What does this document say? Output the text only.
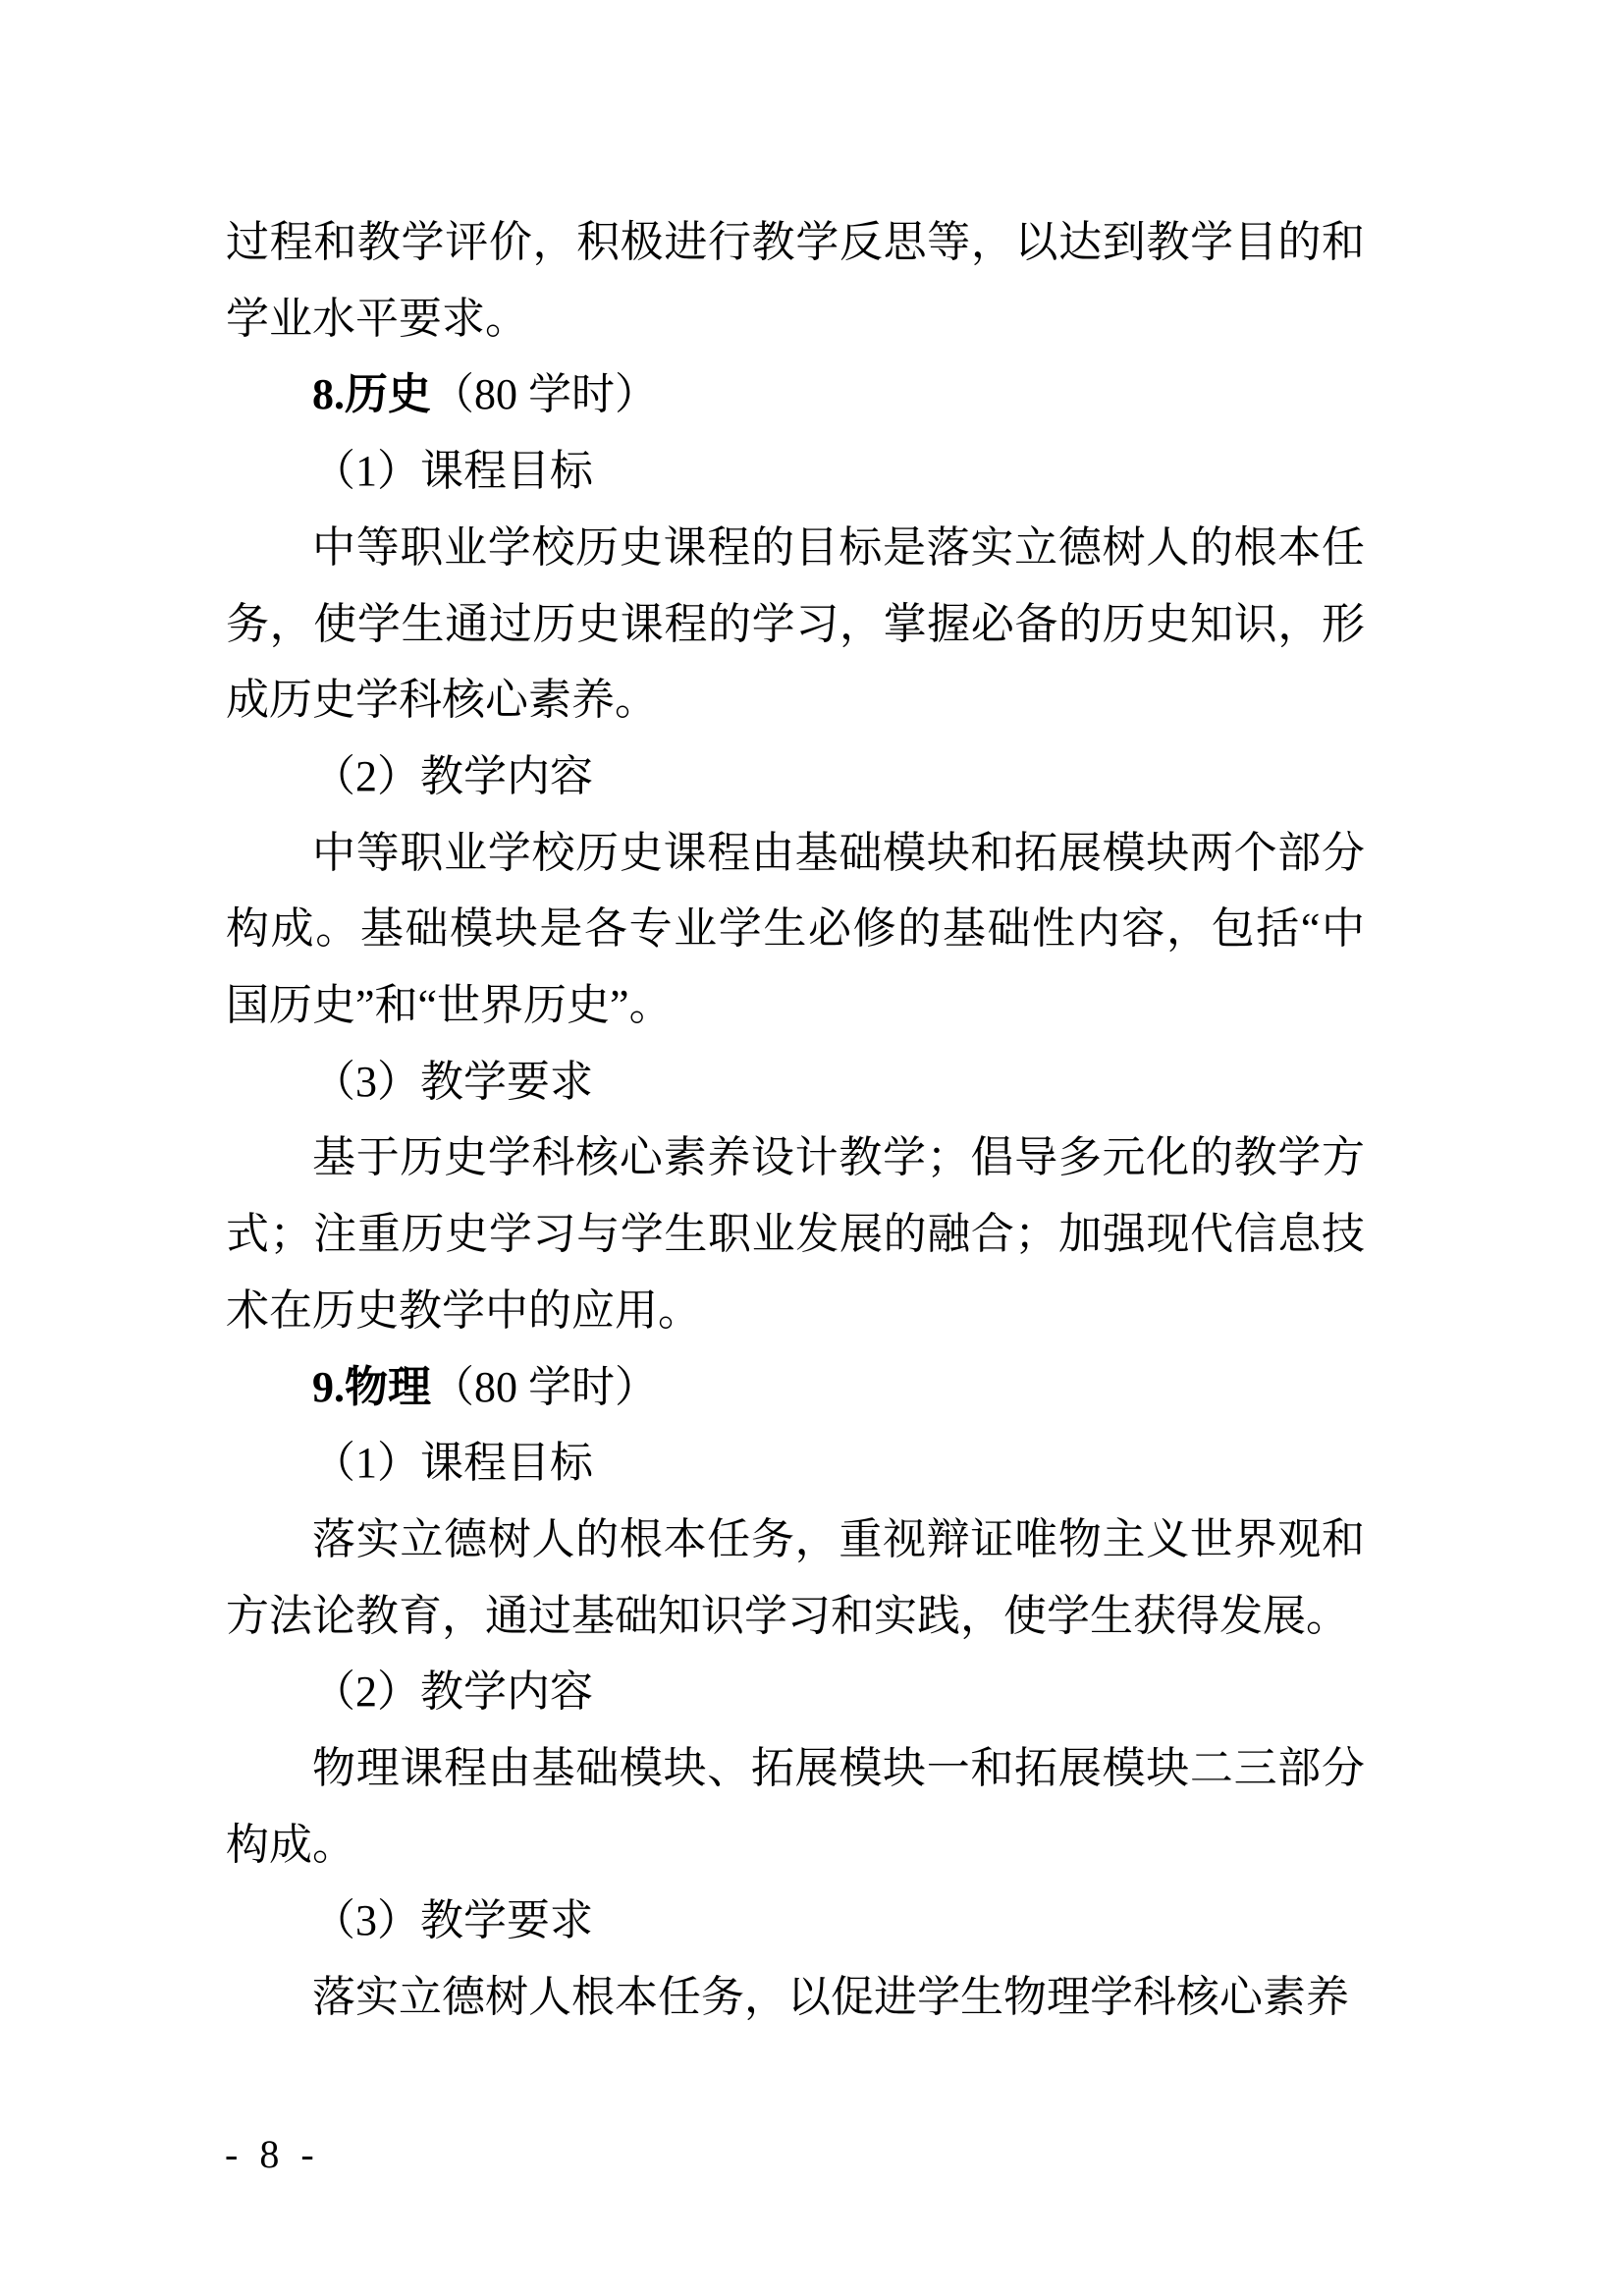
过程和教学评价，积极进行教学反思等，以达到教学目的和学业水平要求。

8.历史（80 学时）

（1）课程目标

中等职业学校历史课程的目标是落实立德树人的根本任务，使学生通过历史课程的学习，掌握必备的历史知识，形成历史学科核心素养。

（2）教学内容

中等职业学校历史课程由基础模块和拓展模块两个部分构成。基础模块是各专业学生必修的基础性内容，包括“中国历史”和“世界历史”。

（3）教学要求

基于历史学科核心素养设计教学；倡导多元化的教学方式；注重历史学习与学生职业发展的融合；加强现代信息技术在历史教学中的应用。

9.物理（80 学时）

（1）课程目标

落实立德树人的根本任务，重视辩证唯物主义世界观和方法论教育，通过基础知识学习和实践，使学生获得发展。

（2）教学内容

物理课程由基础模块、拓展模块一和拓展模块二三部分构成。

（3）教学要求

落实立德树人根本任务，以促进学生物理学科核心素养

- 8 -
